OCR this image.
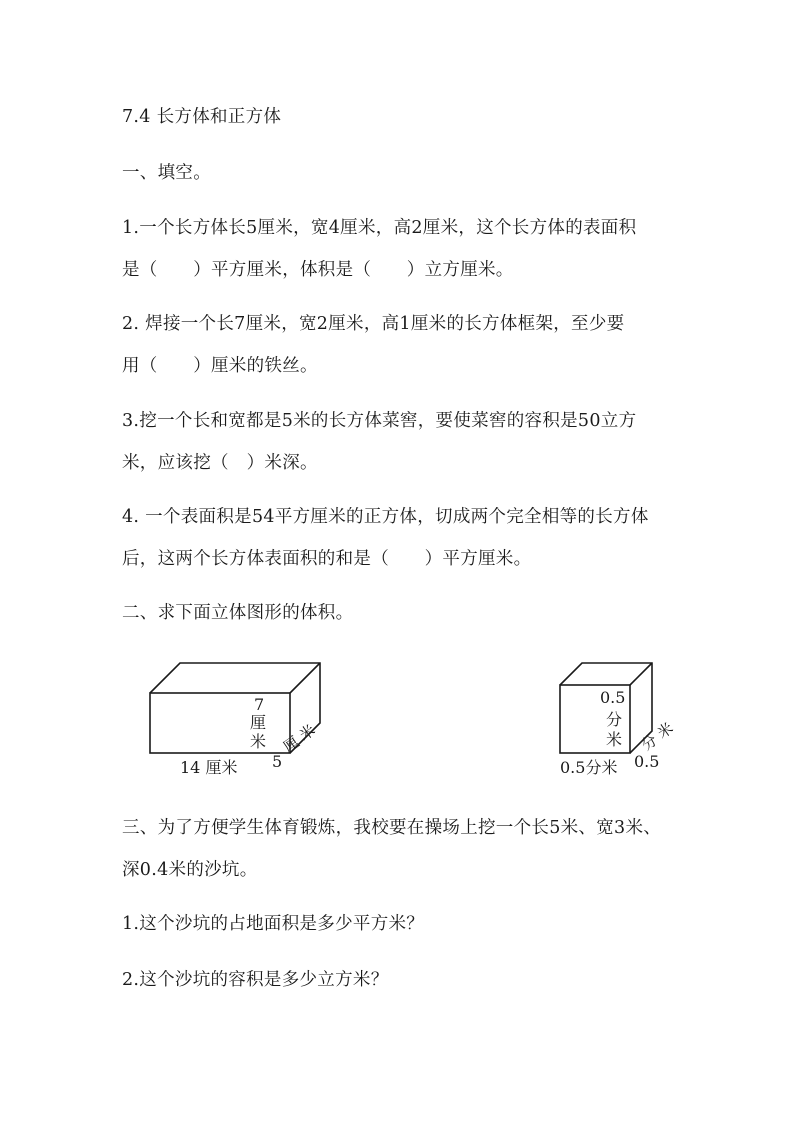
7.4 长方体和正方体
一、填空。
1.一个长方体长5厘米，宽4厘米，高2厘米，这个长方体的表面积
是（　　）平方厘米，体积是（　　）立方厘米。
2. 焊接一个长7厘米，宽2厘米，高1厘米的长方体框架，至少要
用（　　）厘米的铁丝。
3.挖一个长和宽都是5米的长方体菜窖，要使菜窖的容积是50立方
米，应该挖（　）米深。
4. 一个表面积是54平方厘米的正方体，切成两个完全相等的长方体
后，这两个长方体表面积的和是（　　）平方厘米。
二、求下面立体图形的体积。
7
厘
米
14 厘米 5
厘
米
0.5
分
米
0.5分米 0.5
分
米
三、为了方便学生体育锻炼，我校要在操场上挖一个长5米、宽3米、
深0.4米的沙坑。
1.这个沙坑的占地面积是多少平方米？
2.这个沙坑的容积是多少立方米？
